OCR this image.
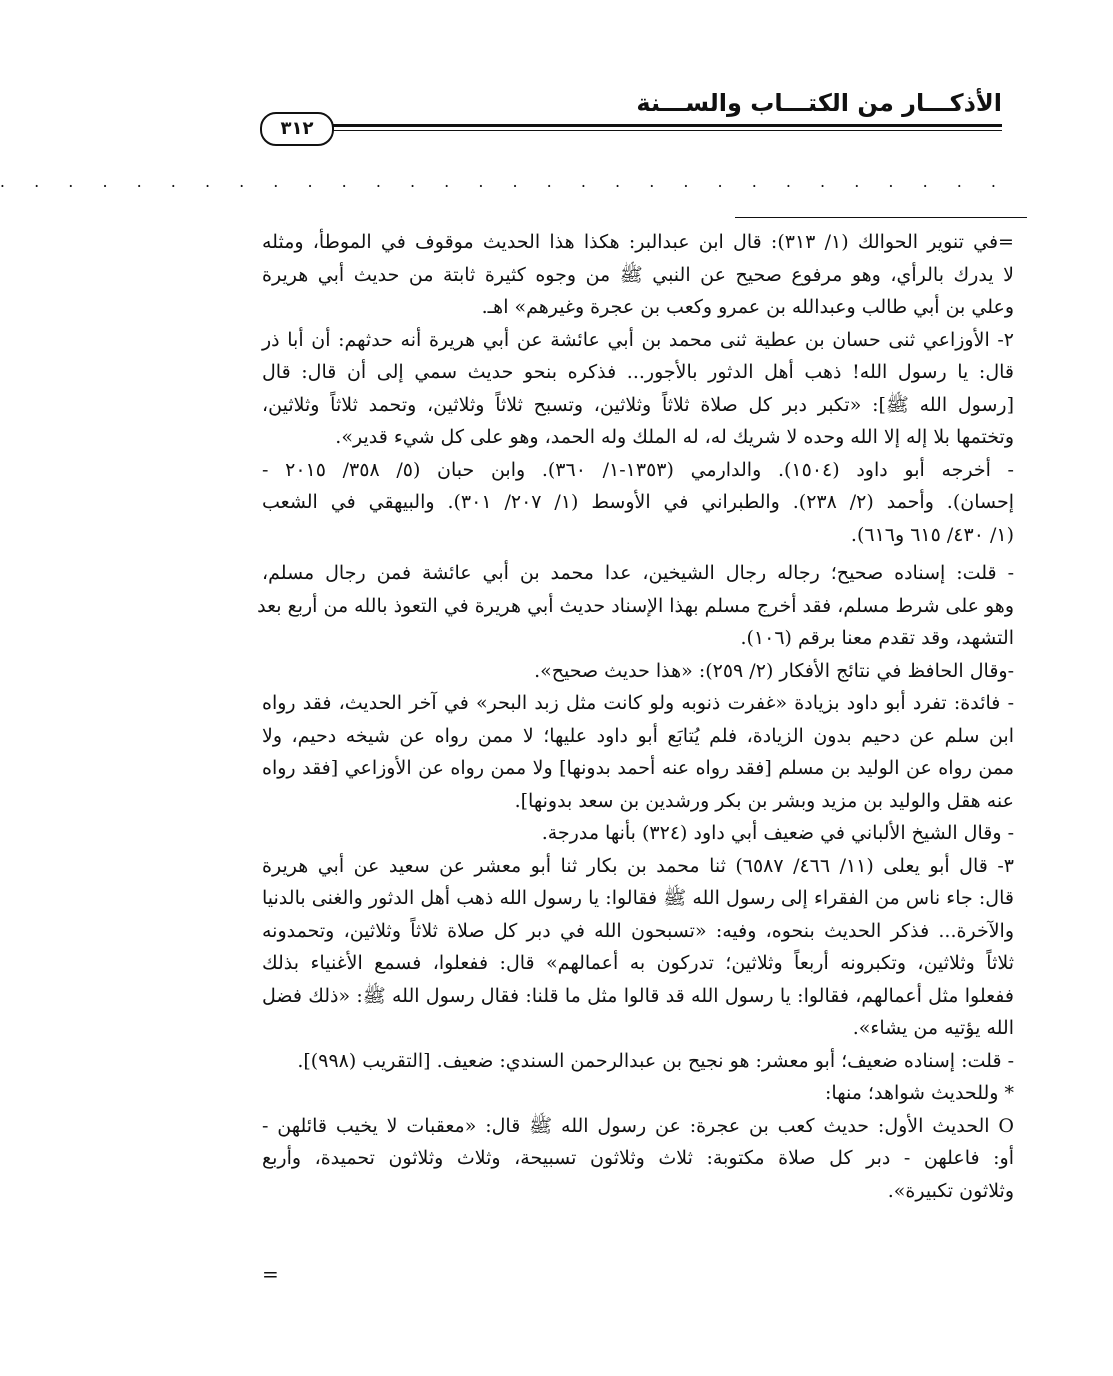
الأذكـــار من الكتـــاب والســـنة
٣١٢
. . . . . . . . . . . . . . . . . . . . . . . . . . . . . .
=في تنوير الحوالك (١/ ٣١٣): قال ابن عبدالبر: هكذا هذا الحديث موقوف في الموطأ، ومثله
لا يدرك بالرأي، وهو مرفوع صحيح عن النبي ﷺ من وجوه كثيرة ثابتة من حديث أبي هريرة
وعلي بن أبي طالب وعبدالله بن عمرو وكعب بن عجرة وغيرهم» اهـ.
٢- الأوزاعي ثنى حسان بن عطية ثنى محمد بن أبي عائشة عن أبي هريرة أنه حدثهم: أن أبا ذر
قال: يا رسول الله! ذهب أهل الدثور بالأجور... فذكره بنحو حديث سمي إلى أن قال: قال
[رسول الله ﷺ]: «تكبر دبر كل صلاة ثلاثاً وثلاثين، وتسبح ثلاثاً وثلاثين، وتحمد ثلاثاً وثلاثين،
وتختمها بلا إله إلا الله وحده لا شريك له، له الملك وله الحمد، وهو على كل شيء قدير».
- أخرجه أبو داود (١٥٠٤). والدارمي (١٣٥٣-١/ ٣٦٠). وابن حبان (٥/ ٣٥٨/ ٢٠١٥ -
إحسان). وأحمد (٢/ ٢٣٨). والطبراني في الأوسط (١/ ٢٠٧/ ٣٠١). والبيهقي في الشعب
(١/ ٤٣٠/ ٦١٥ و٦١٦).
- قلت: إسناده صحيح؛ رجاله رجال الشيخين، عدا محمد بن أبي عائشة فمن رجال مسلم،
وهو على شرط مسلم، فقد أخرج مسلم بهذا الإسناد حديث أبي هريرة في التعوذ بالله من أربع بعد
التشهد، وقد تقدم معنا برقم (١٠٦).
-وقال الحافظ في نتائج الأفكار (٢/ ٢٥٩): «هذا حديث صحيح».
- فائدة: تفرد أبو داود بزيادة «غفرت ذنوبه ولو كانت مثل زبد البحر» في آخر الحديث، فقد رواه
ابن سلم عن دحيم بدون الزيادة، فلم يُتابَع أبو داود عليها؛ لا ممن رواه عن شيخه دحيم، ولا
ممن رواه عن الوليد بن مسلم [فقد رواه عنه أحمد بدونها] ولا ممن رواه عن الأوزاعي [فقد رواه
عنه هقل والوليد بن مزيد وبشر بن بكر ورشدين بن سعد بدونها].
- وقال الشيخ الألباني في ضعيف أبي داود (٣٢٤) بأنها مدرجة.
٣- قال أبو يعلى (١١/ ٤٦٦/ ٦٥٨٧) ثنا محمد بن بكار ثنا أبو معشر عن سعيد عن أبي هريرة
قال: جاء ناس من الفقراء إلى رسول الله ﷺ فقالوا: يا رسول الله ذهب أهل الدثور والغنى بالدنيا
والآخرة... فذكر الحديث بنحوه، وفيه: «تسبحون الله في دبر كل صلاة ثلاثاً وثلاثين، وتحمدونه
ثلاثاً وثلاثين، وتكبرونه أربعاً وثلاثين؛ تدركون به أعمالهم» قال: ففعلوا، فسمع الأغنياء بذلك
ففعلوا مثل أعمالهم، فقالوا: يا رسول الله قد قالوا مثل ما قلنا: فقال رسول الله ﷺ: «ذلك فضل
الله يؤتيه من يشاء».
- قلت: إسناده ضعيف؛ أبو معشر: هو نجيح بن عبدالرحمن السندي: ضعيف. [التقريب (٩٩٨)].
* وللحديث شواهد؛ منها:
O الحديث الأول: حديث كعب بن عجرة: عن رسول الله ﷺ قال: «معقبات لا يخيب قائلهن -
أو: فاعلهن - دبر كل صلاة مكتوبة: ثلاث وثلاثون تسبيحة، وثلاث وثلاثون تحميدة، وأربع
وثلاثون تكبيرة».
=
